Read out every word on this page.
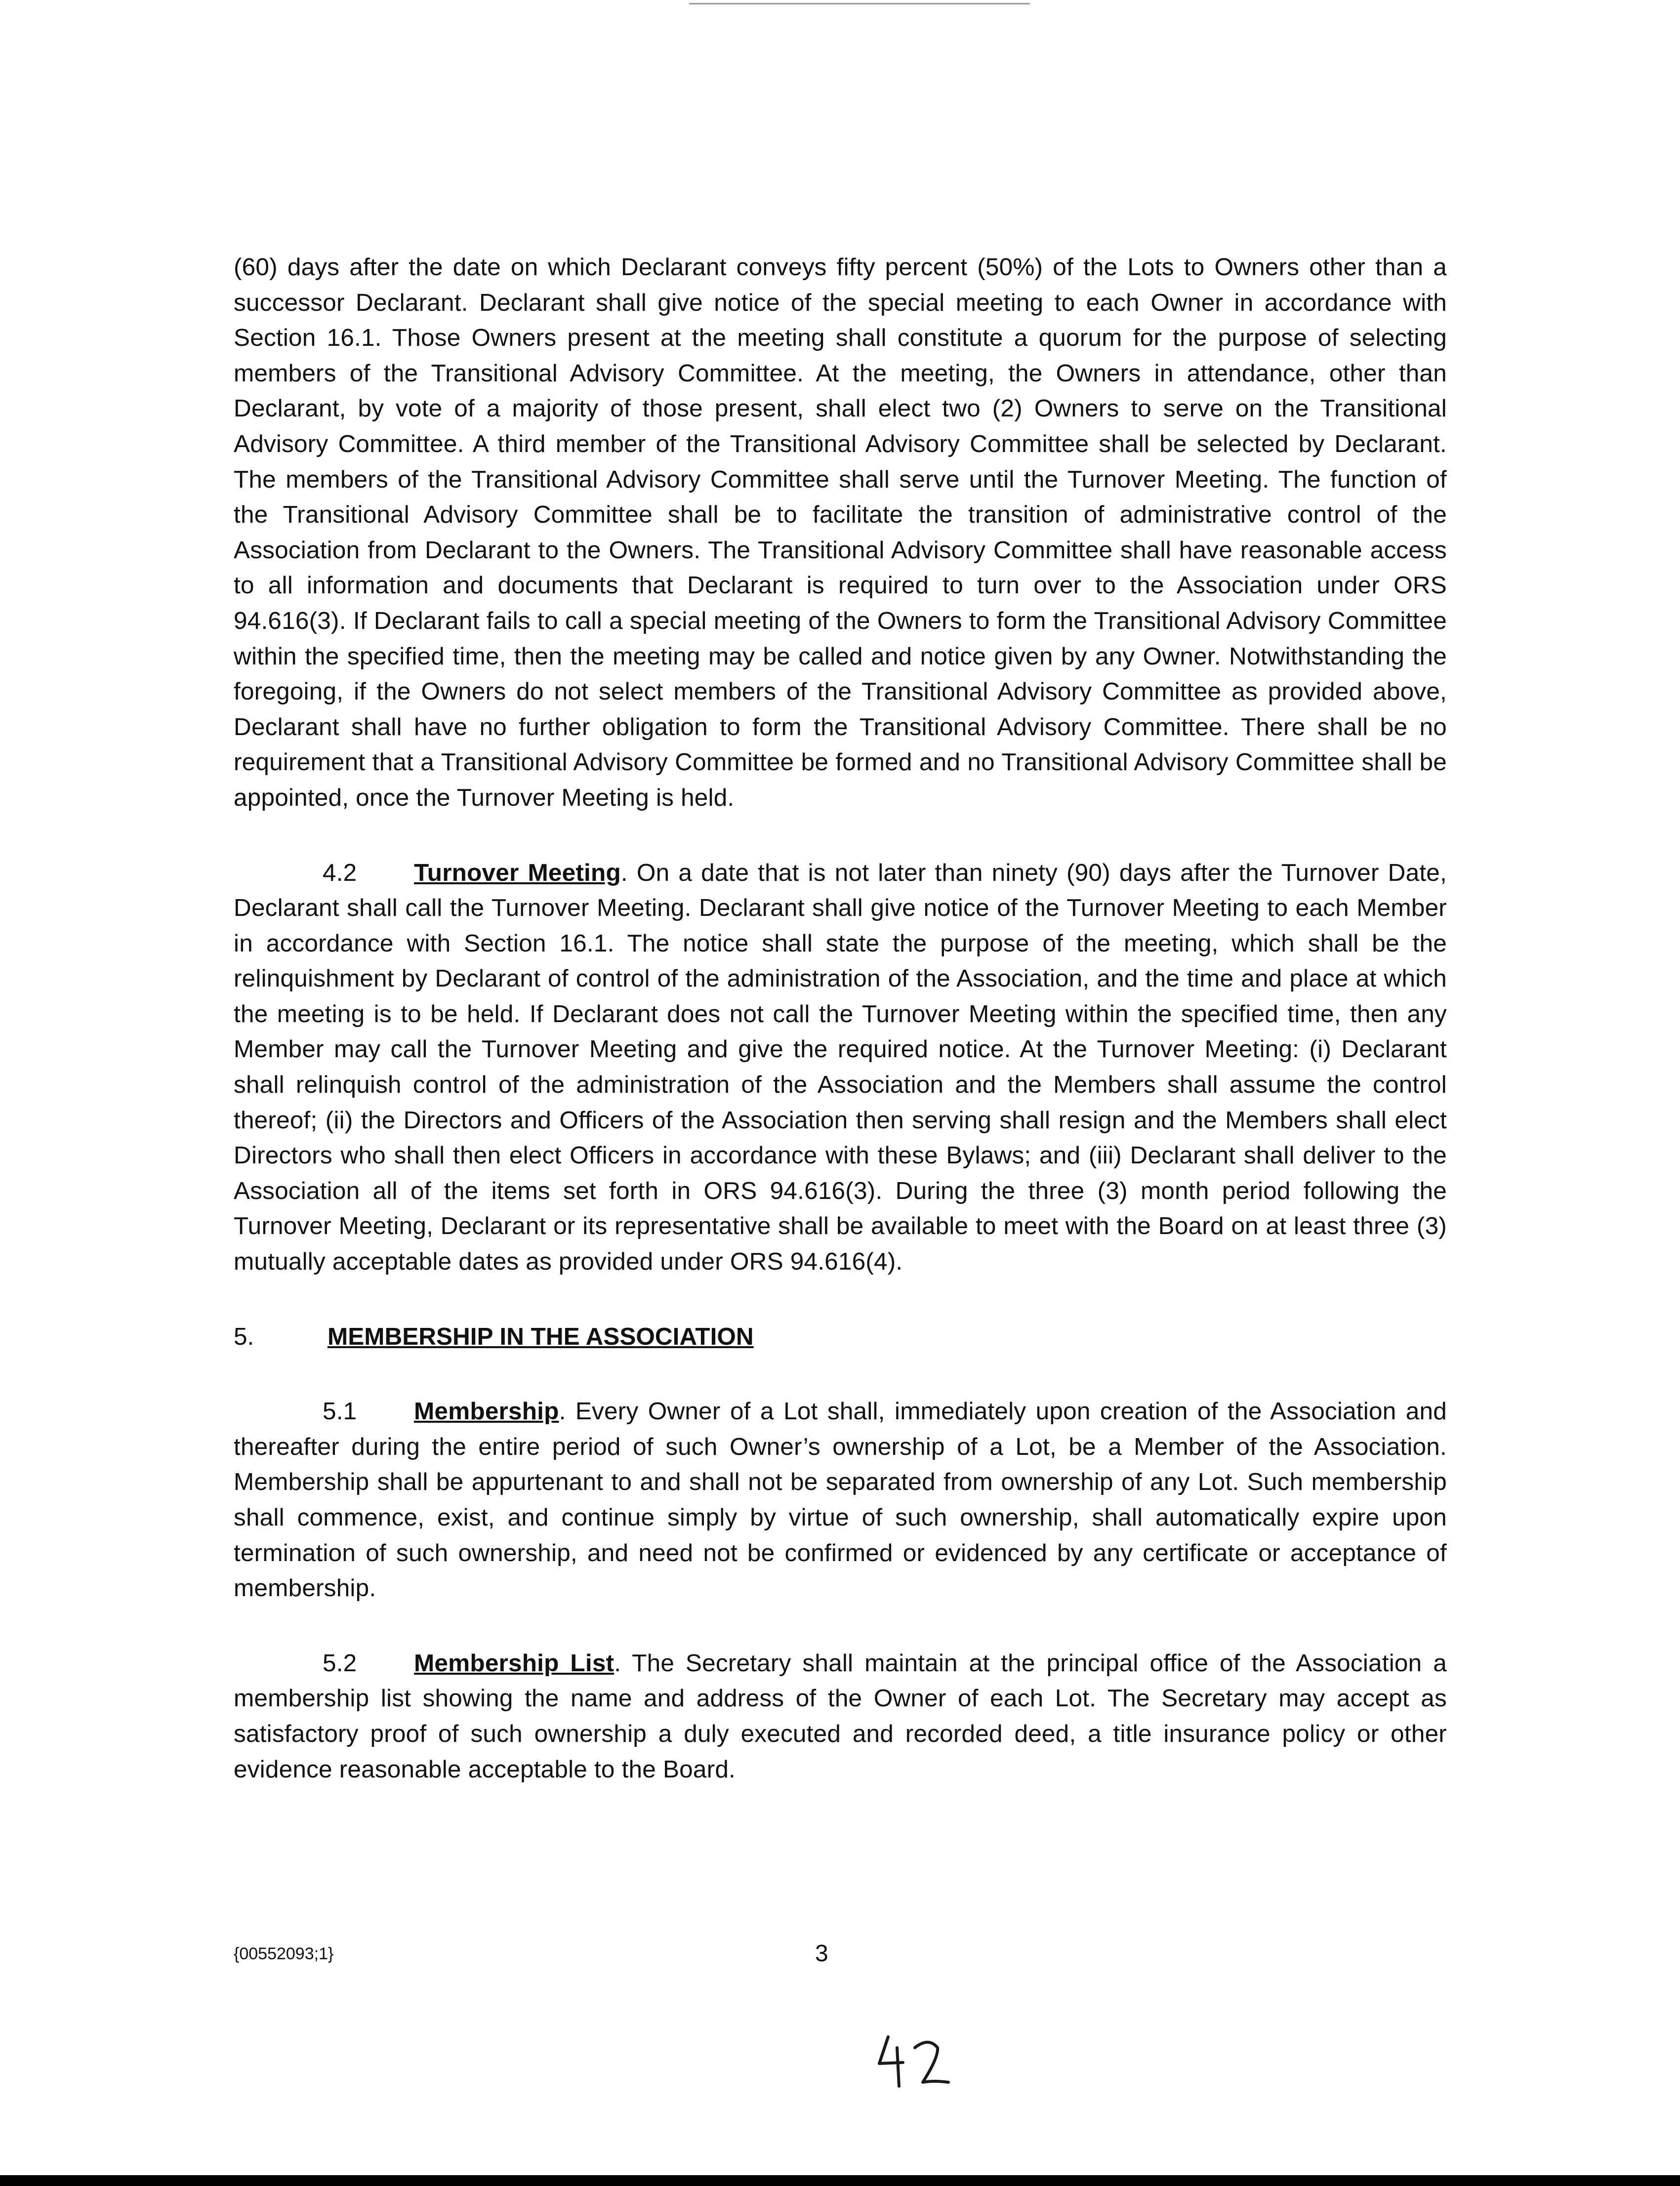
(60) days after the date on which Declarant conveys fifty percent (50%) of the Lots to Owners other than a successor Declarant. Declarant shall give notice of the special meeting to each Owner in accordance with Section 16.1. Those Owners present at the meeting shall constitute a quorum for the purpose of selecting members of the Transitional Advisory Committee. At the meeting, the Owners in attendance, other than Declarant, by vote of a majority of those present, shall elect two (2) Owners to serve on the Transitional Advisory Committee. A third member of the Transitional Advisory Committee shall be selected by Declarant. The members of the Transitional Advisory Committee shall serve until the Turnover Meeting. The function of the Transitional Advisory Committee shall be to facilitate the transition of administrative control of the Association from Declarant to the Owners. The Transitional Advisory Committee shall have reasonable access to all information and documents that Declarant is required to turn over to the Association under ORS 94.616(3). If Declarant fails to call a special meeting of the Owners to form the Transitional Advisory Committee within the specified time, then the meeting may be called and notice given by any Owner. Notwithstanding the foregoing, if the Owners do not select members of the Transitional Advisory Committee as provided above, Declarant shall have no further obligation to form the Transitional Advisory Committee. There shall be no requirement that a Transitional Advisory Committee be formed and no Transitional Advisory Committee shall be appointed, once the Turnover Meeting is held.

4.2 Turnover Meeting. On a date that is not later than ninety (90) days after the Turnover Date, Declarant shall call the Turnover Meeting. Declarant shall give notice of the Turnover Meeting to each Member in accordance with Section 16.1. The notice shall state the purpose of the meeting, which shall be the relinquishment by Declarant of control of the administration of the Association, and the time and place at which the meeting is to be held. If Declarant does not call the Turnover Meeting within the specified time, then any Member may call the Turnover Meeting and give the required notice. At the Turnover Meeting: (i) Declarant shall relinquish control of the administration of the Association and the Members shall assume the control thereof; (ii) the Directors and Officers of the Association then serving shall resign and the Members shall elect Directors who shall then elect Officers in accordance with these Bylaws; and (iii) Declarant shall deliver to the Association all of the items set forth in ORS 94.616(3). During the three (3) month period following the Turnover Meeting, Declarant or its representative shall be available to meet with the Board on at least three (3) mutually acceptable dates as provided under ORS 94.616(4).

5.	MEMBERSHIP IN THE ASSOCIATION

5.1 Membership. Every Owner of a Lot shall, immediately upon creation of the Association and thereafter during the entire period of such Owner’s ownership of a Lot, be a Member of the Association. Membership shall be appurtenant to and shall not be separated from ownership of any Lot. Such membership shall commence, exist, and continue simply by virtue of such ownership, shall automatically expire upon termination of such ownership, and need not be confirmed or evidenced by any certificate or acceptance of membership.

5.2 Membership List. The Secretary shall maintain at the principal office of the Association a membership list showing the name and address of the Owner of each Lot. The Secretary may accept as satisfactory proof of such ownership a duly executed and recorded deed, a title insurance policy or other evidence reasonable acceptable to the Board.

{00552093;1}	3
